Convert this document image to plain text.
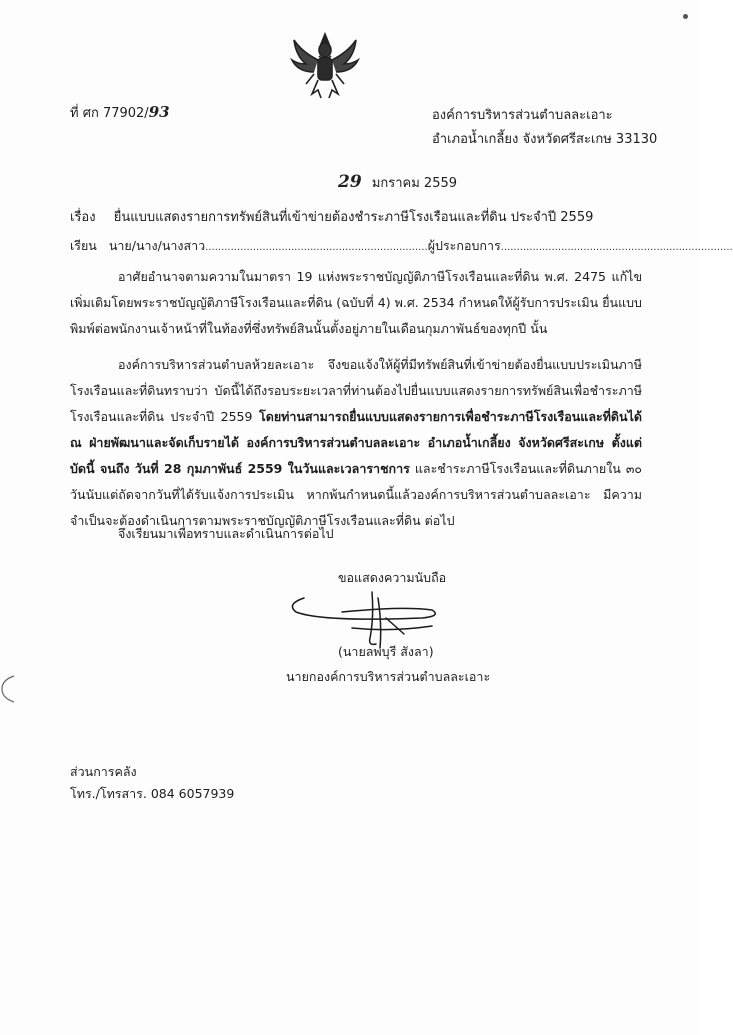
ที่ ศก 77902/93	องค์การบริหารส่วนตำบลละเอาะ
อำเภอน้ำเกลี้ยง จังหวัดศรีสะเกษ 33130
29 มกราคม 2559
เรื่อง ยื่นแบบแสดงรายการทรัพย์สินที่เข้าข่ายต้องชำระภาษีโรงเรือนและที่ดิน ประจำปี 2559
เรียน นาย/นาง/นางสาว......................................................................ผู้ประกอบการ.........................................................................

อาศัยอำนาจตามความในมาตรา 19 แห่งพระราชบัญญัติภาษีโรงเรือนและที่ดิน พ.ศ. 2475 แก้ไขเพิ่มเติมโดยพระราชบัญญัติภาษีโรงเรือนและที่ดิน (ฉบับที่ 4) พ.ศ. 2534 กำหนดให้ผู้รับการประเมิน ยื่นแบบพิมพ์ต่อพนักงานเจ้าหน้าที่ในท้องที่ซึ่งทรัพย์สินนั้นตั้งอยู่ภายในเดือนกุมภาพันธ์ของทุกปี นั้น

องค์การบริหารส่วนตำบลห้วยละเอาะ จึงขอแจ้งให้ผู้ที่มีทรัพย์สินที่เข้าข่ายต้องยื่นแบบประเมินภาษีโรงเรือนและที่ดินทราบว่า บัดนี้ได้ถึงรอบระยะเวลาที่ท่านต้องไปยื่นแบบแสดงรายการทรัพย์สินเพื่อชำระภาษีโรงเรือนและที่ดิน ประจำปี 2559 โดยท่านสามารถยื่นแบบแสดงรายการเพื่อชำระภาษีโรงเรือนและที่ดินได้ ณ ฝ่ายพัฒนาและจัดเก็บรายได้ องค์การบริหารส่วนตำบลละเอาะ อำเภอน้ำเกลี้ยง จังหวัดศรีสะเกษ ตั้งแต่บัดนี้ จนถึง วันที่ 28 กุมภาพันธ์ 2559 ในวันและเวลาราชการ และชำระภาษีโรงเรือนและที่ดินภายใน ๓๐ วันนับแต่ถัดจากวันที่ได้รับแจ้งการประเมิน หากพ้นกำหนดนี้แล้วองค์การบริหารส่วนตำบลละเอาะ มีความจำเป็นจะต้องดำเนินการตามพระราชบัญญัติภาษีโรงเรือนและที่ดิน ต่อไป

จึงเรียนมาเพื่อทราบและดำเนินการต่อไป
ขอแสดงความนับถือ
(นายลพบุรี สังลา)
นายกองค์การบริหารส่วนตำบลละเอาะ
ส่วนการคลัง
โทร./โทรสาร. 084 6057939
